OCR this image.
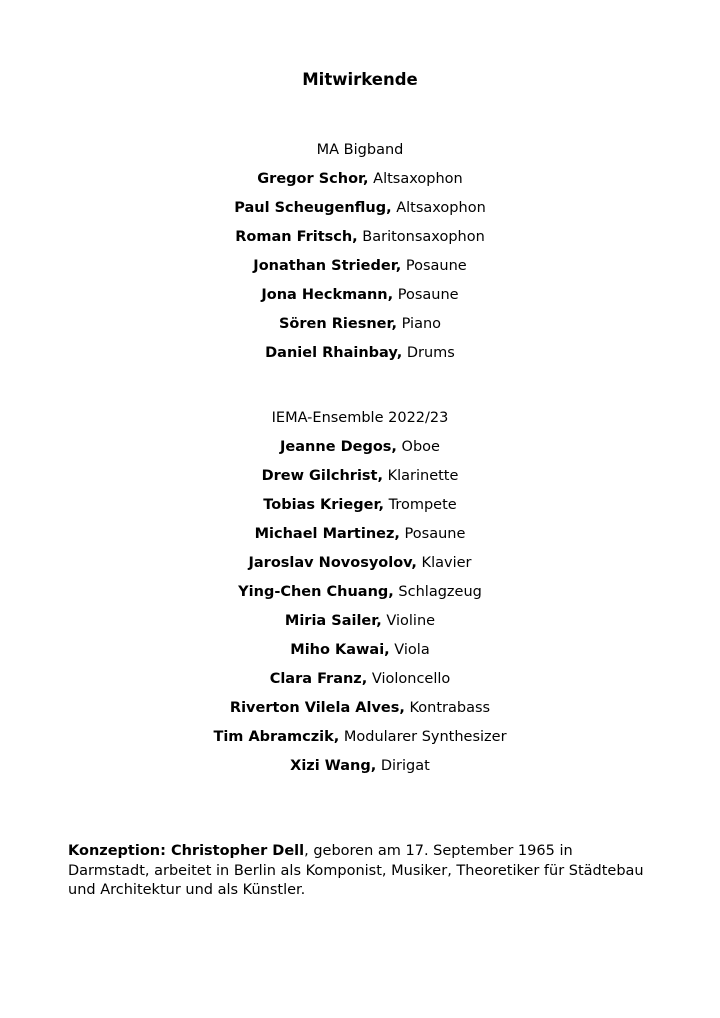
Mitwirkende
MA Bigband
Gregor Schor, Altsaxophon
Paul Scheugenflug, Altsaxophon
Roman Fritsch, Baritonsaxophon
Jonathan Strieder, Posaune
Jona Heckmann, Posaune
Sören Riesner, Piano
Daniel Rhainbay, Drums
IEMA-Ensemble 2022/23
Jeanne Degos, Oboe
Drew Gilchrist, Klarinette
Tobias Krieger, Trompete
Michael Martinez, Posaune
Jaroslav Novosyolov, Klavier
Ying-Chen Chuang, Schlagzeug
Miria Sailer, Violine
Miho Kawai, Viola
Clara Franz, Violoncello
Riverton Vilela Alves, Kontrabass
Tim Abramczik, Modularer Synthesizer
Xizi Wang, Dirigat

Konzeption: Christopher Dell, geboren am 17. September 1965 in Darmstadt, arbeitet in Berlin als Komponist, Musiker, Theoretiker für Städtebau und Architektur und als Künstler.
